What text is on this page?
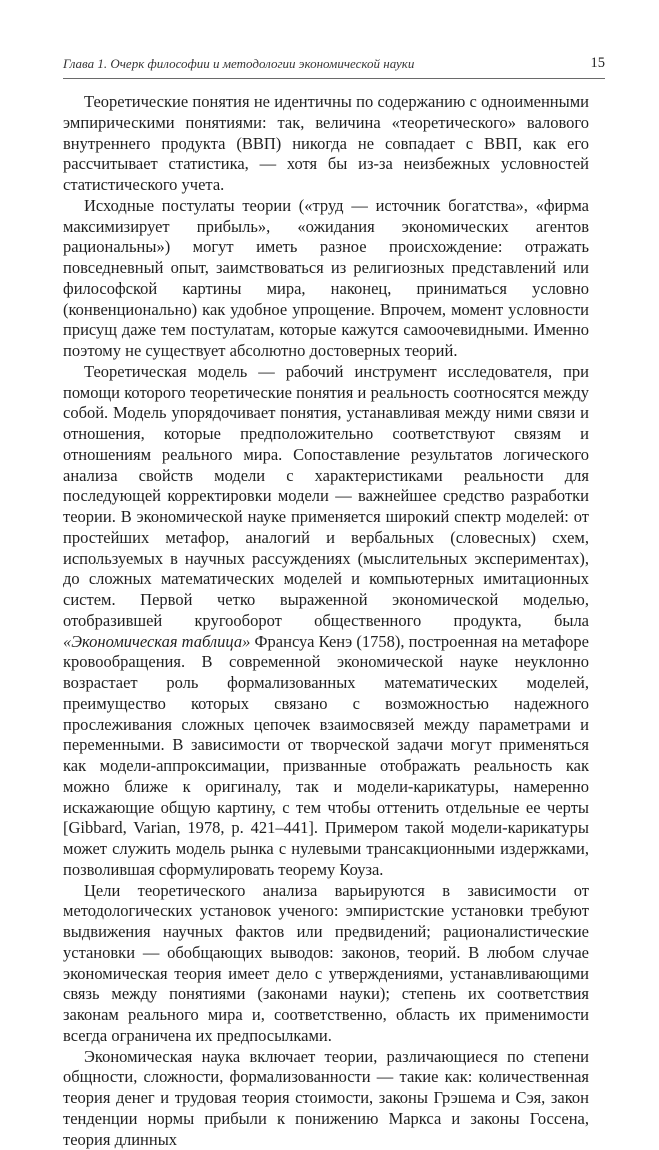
Глава 1. Очерк философии и методологии экономической науки	15

Теоретические понятия не идентичны по содержанию с одноименными эмпирическими понятиями: так, величина «теоретического» валового внутреннего продукта (ВВП) никогда не совпадает с ВВП, как его рассчитывает статистика, — хотя бы из-за неизбежных условностей статистического учета.

Исходные постулаты теории («труд — источник богатства», «фирма максимизирует прибыль», «ожидания экономических агентов рациональны») могут иметь разное происхождение: отражать повседневный опыт, заимствоваться из религиозных представлений или философской картины мира, наконец, приниматься условно (конвенционально) как удобное упрощение. Впрочем, момент условности присущ даже тем постулатам, которые кажутся самоочевидными. Именно поэтому не существует абсолютно достоверных теорий.

Теоретическая модель — рабочий инструмент исследователя, при помощи которого теоретические понятия и реальность соотносятся между собой. Модель упорядочивает понятия, устанавливая между ними связи и отношения, которые предположительно соответствуют связям и отношениям реального мира. Сопоставление результатов логического анализа свойств модели с характеристиками реальности для последующей корректировки модели — важнейшее средство разработки теории. В экономической науке применяется широкий спектр моделей: от простейших метафор, аналогий и вербальных (словесных) схем, используемых в научных рассуждениях (мыслительных экспериментах), до сложных математических моделей и компьютерных имитационных систем. Первой четко выраженной экономической моделью, отобразившей кругооборот общественного продукта, была «Экономическая таблица» Франсуа Кенэ (1758), построенная на метафоре кровообращения. В современной экономической науке неуклонно возрастает роль формализованных математических моделей, преимущество которых связано с возможностью надежного прослеживания сложных цепочек взаимосвязей между параметрами и переменными. В зависимости от творческой задачи могут применяться как модели-аппроксимации, призванные отображать реальность как можно ближе к оригиналу, так и модели-карикатуры, намеренно искажающие общую картину, с тем чтобы оттенить отдельные ее черты [Gibbard, Varian, 1978, p. 421–441]. Примером такой модели-карикатуры может служить модель рынка с нулевыми трансакционными издержками, позволившая сформулировать теорему Коуза.

Цели теоретического анализа варьируются в зависимости от методологических установок ученого: эмпиристские установки требуют выдвижения научных фактов или предвидений; рационалистические установки — обобщающих выводов: законов, теорий. В любом случае экономическая теория имеет дело с утверждениями, устанавливающими связь между понятиями (законами науки); степень их соответствия законам реального мира и, соответственно, область их применимости всегда ограничена их предпосылками.

Экономическая наука включает теории, различающиеся по степени общности, сложности, формализованности — такие как: количественная теория денег и трудовая теория стоимости, законы Грэшема и Сэя, закон тенденции нормы прибыли к понижению Маркса и законы Госсена, теория длинных
